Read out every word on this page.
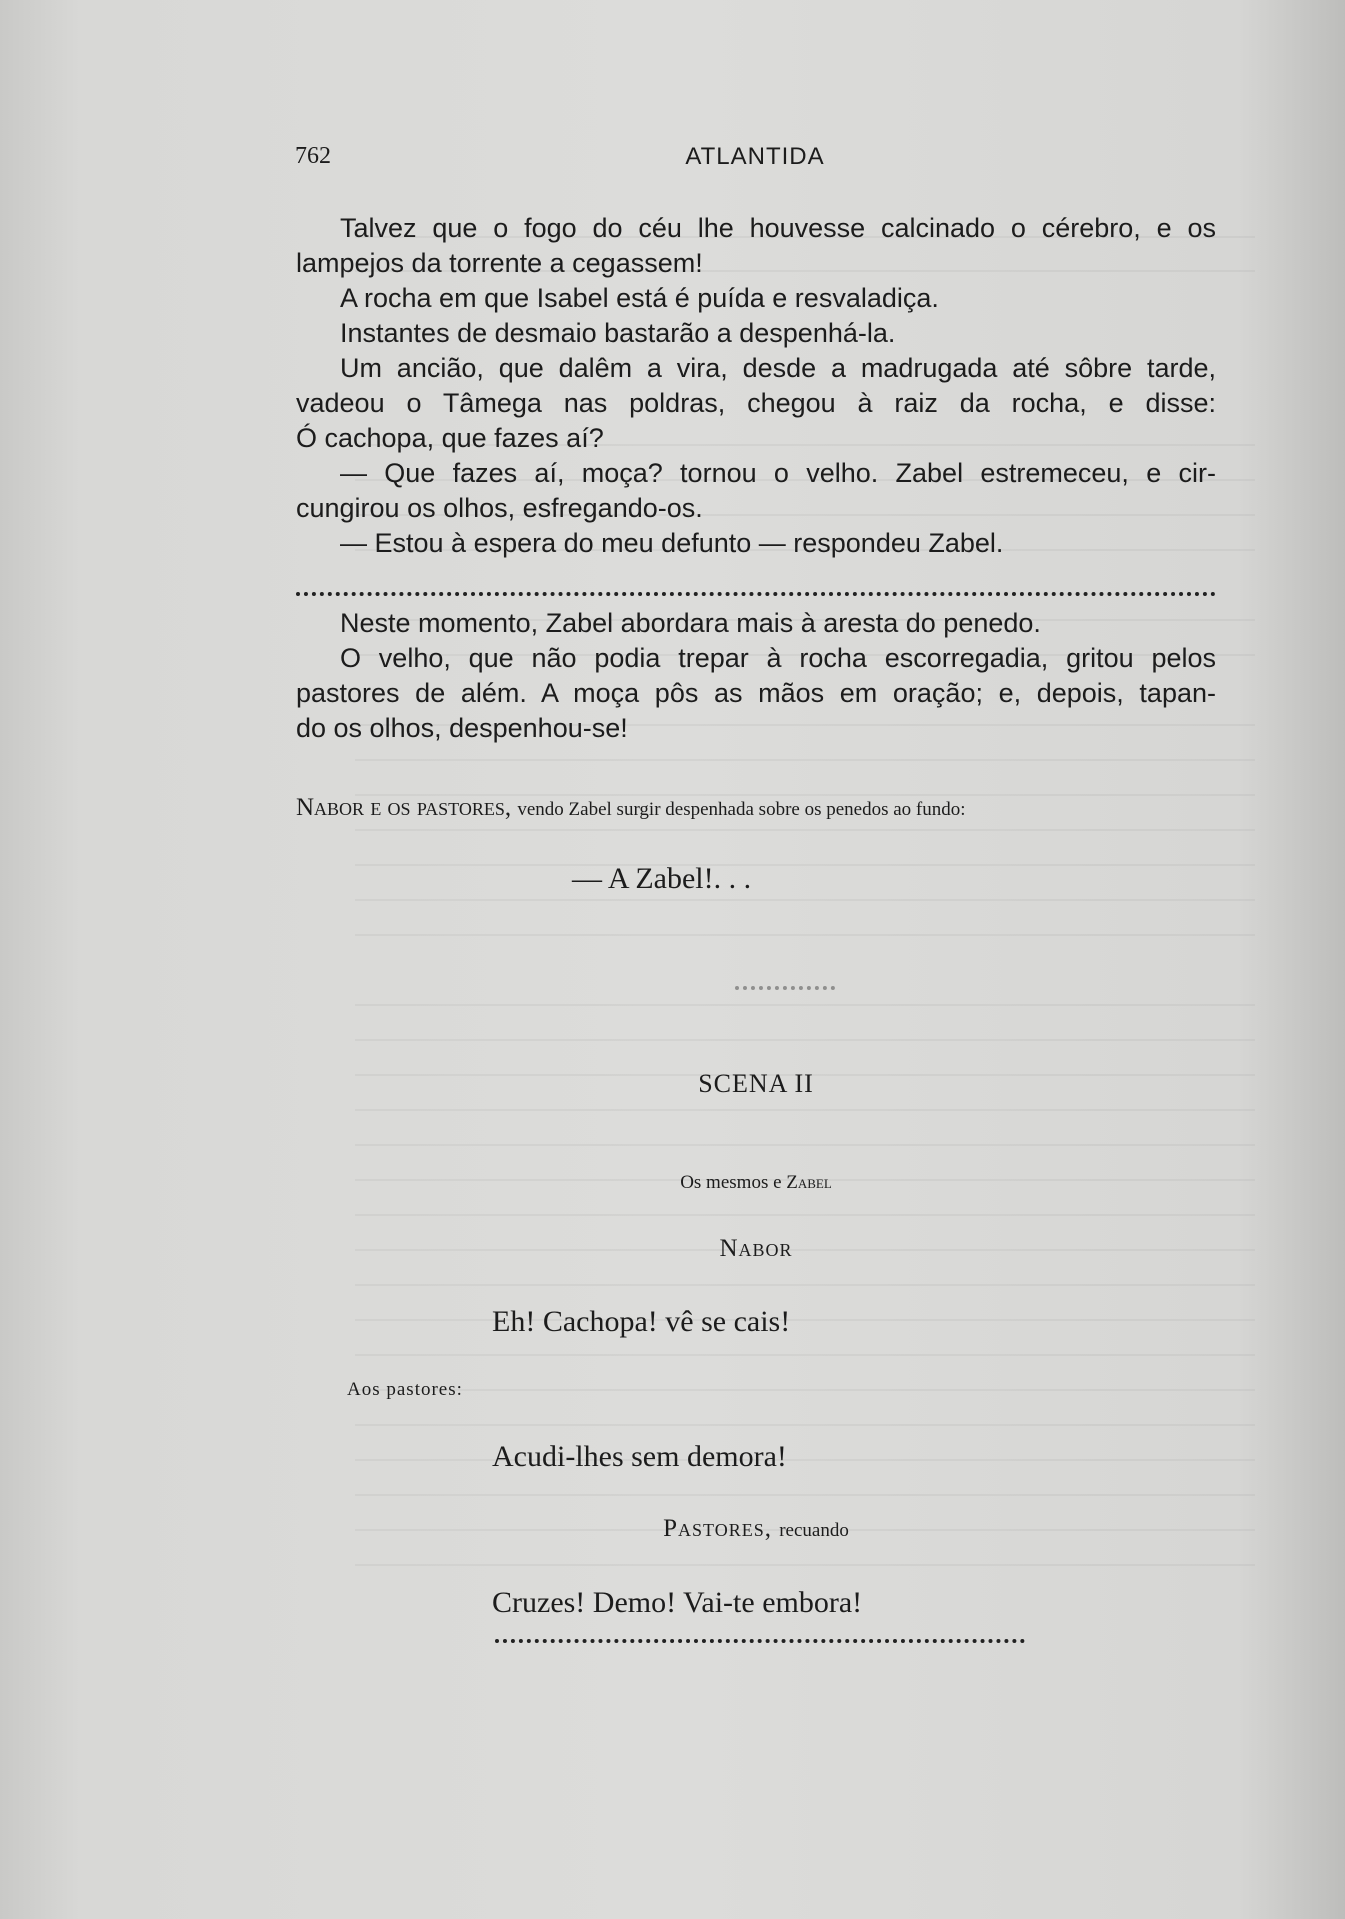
762	ATLANTIDA
Talvez que o fogo do céu lhe houvesse calcinado o cérebro, e os
lampejos da torrente a cegassem!
A rocha em que Isabel está é puída e resvaladiça.
Instantes de desmaio bastarão a despenhá-la.
Um ancião, que dalêm a vira, desde a madrugada até sôbre tarde,
vadeou o Tâmega nas poldras, chegou à raiz da rocha, e disse:
Ó cachopa, que fazes aí?
— Que fazes aí, moça? tornou o velho. Zabel estremeceu, e cir-
cungirou os olhos, esfregando-os.
— Estou à espera do meu defunto — respondeu Zabel.
Neste momento, Zabel abordara mais à aresta do penedo.
O velho, que não podia trepar à rocha escorregadia, gritou pelos
pastores de além. A moça pôs as mãos em oração; e, depois, tapan-
do os olhos, despenhou-se!
Nabor e os pastores, vendo Zabel surgir despenhada sobre os penedos ao fundo:
— A Zabel!. . .
SCENA II
Os mesmos e Zabel
Nabor
Eh! Cachopa! vê se cais!
Aos pastores:
Acudi-lhes sem demora!
Pastores, recuando
Cruzes! Demo! Vai-te embora!
